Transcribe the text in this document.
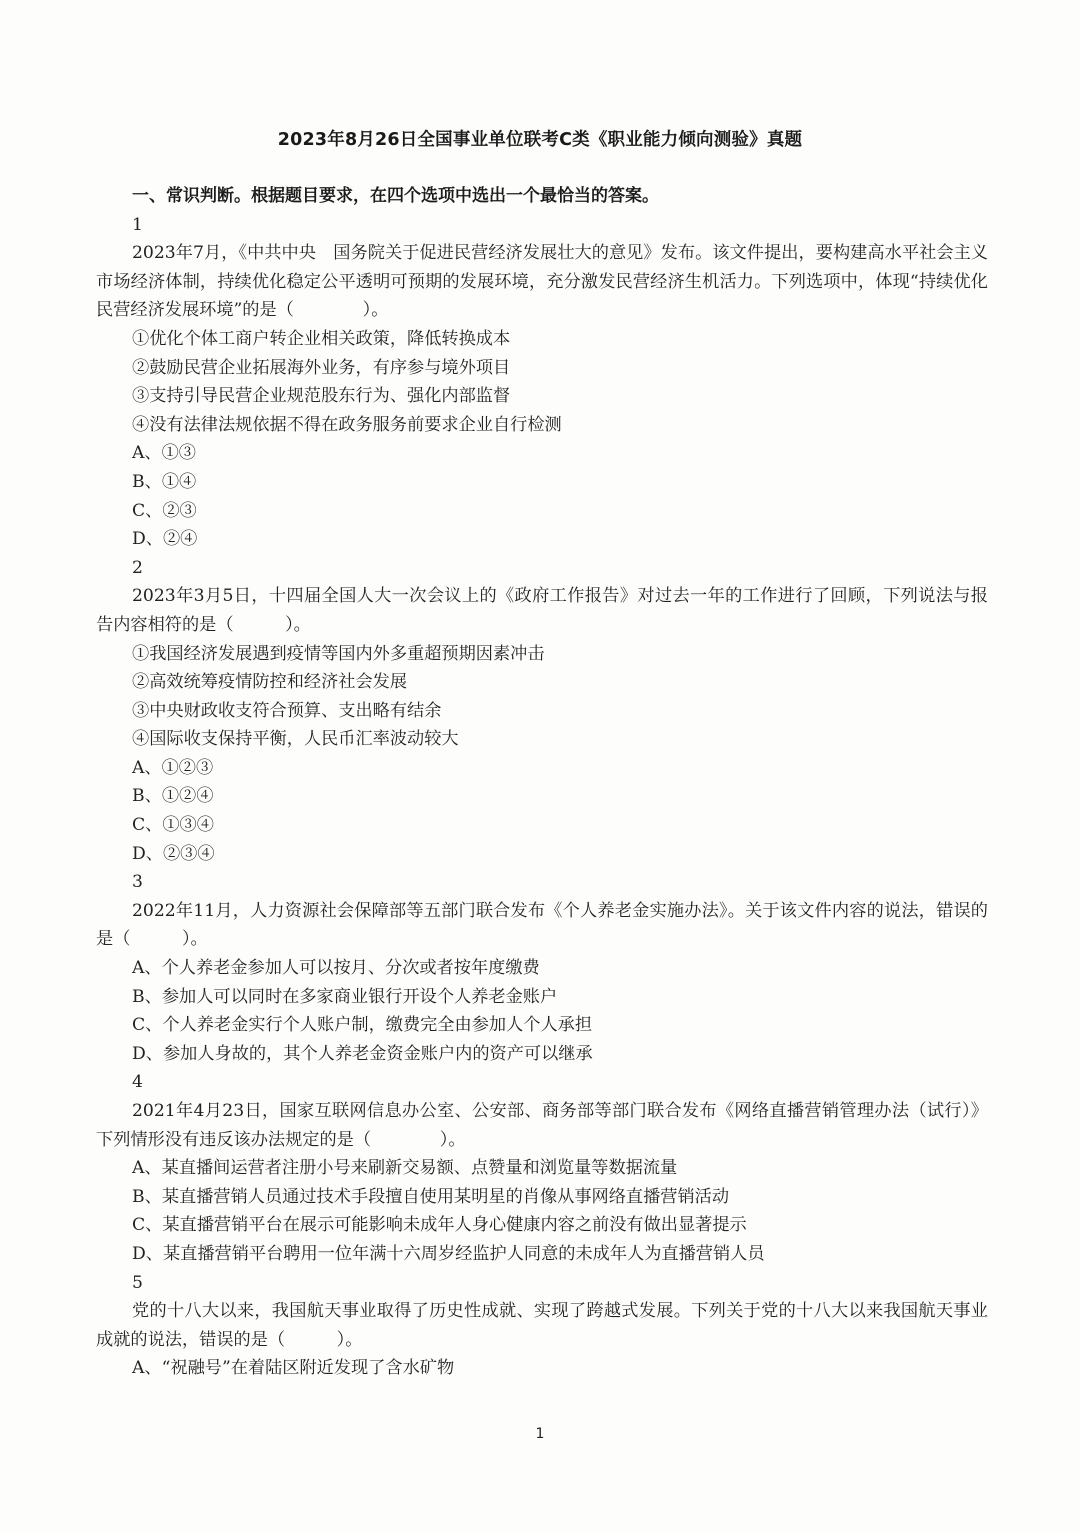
2023年8月26日全国事业单位联考C类《职业能力倾向测验》真题
一、常识判断。根据题目要求，在四个选项中选出一个最恰当的答案。
1
2023年7月，《中共中央　国务院关于促进民营经济发展壮大的意见》发布。该文件提出，要构建高水平社会主义市场经济体制，持续优化稳定公平透明可预期的发展环境，充分激发民营经济生机活力。下列选项中，体现“持续优化民营经济发展环境”的是（　　　　）。
①优化个体工商户转企业相关政策，降低转换成本
②鼓励民营企业拓展海外业务，有序参与境外项目
③支持引导民营企业规范股东行为、强化内部监督
④没有法律法规依据不得在政务服务前要求企业自行检测
A、①③
B、①④
C、②③
D、②④
2
2023年3月5日，十四届全国人大一次会议上的《政府工作报告》对过去一年的工作进行了回顾，下列说法与报告内容相符的是（　　　）。
①我国经济发展遇到疫情等国内外多重超预期因素冲击
②高效统筹疫情防控和经济社会发展
③中央财政收支符合预算、支出略有结余
④国际收支保持平衡，人民币汇率波动较大
A、①②③
B、①②④
C、①③④
D、②③④
3
2022年11月，人力资源社会保障部等五部门联合发布《个人养老金实施办法》。关于该文件内容的说法，错误的是（　　　）。
A、个人养老金参加人可以按月、分次或者按年度缴费
B、参加人可以同时在多家商业银行开设个人养老金账户
C、个人养老金实行个人账户制，缴费完全由参加人个人承担
D、参加人身故的，其个人养老金资金账户内的资产可以继承
4
2021年4月23日，国家互联网信息办公室、公安部、商务部等部门联合发布《网络直播营销管理办法（试行）》下列情形没有违反该办法规定的是（　　　　）。
A、某直播间运营者注册小号来刷新交易额、点赞量和浏览量等数据流量
B、某直播营销人员通过技术手段擅自使用某明星的肖像从事网络直播营销活动
C、某直播营销平台在展示可能影响未成年人身心健康内容之前没有做出显著提示
D、某直播营销平台聘用一位年满十六周岁经监护人同意的未成年人为直播营销人员
5
党的十八大以来，我国航天事业取得了历史性成就、实现了跨越式发展。下列关于党的十八大以来我国航天事业成就的说法，错误的是（　　　）。
A、“祝融号”在着陆区附近发现了含水矿物
1
